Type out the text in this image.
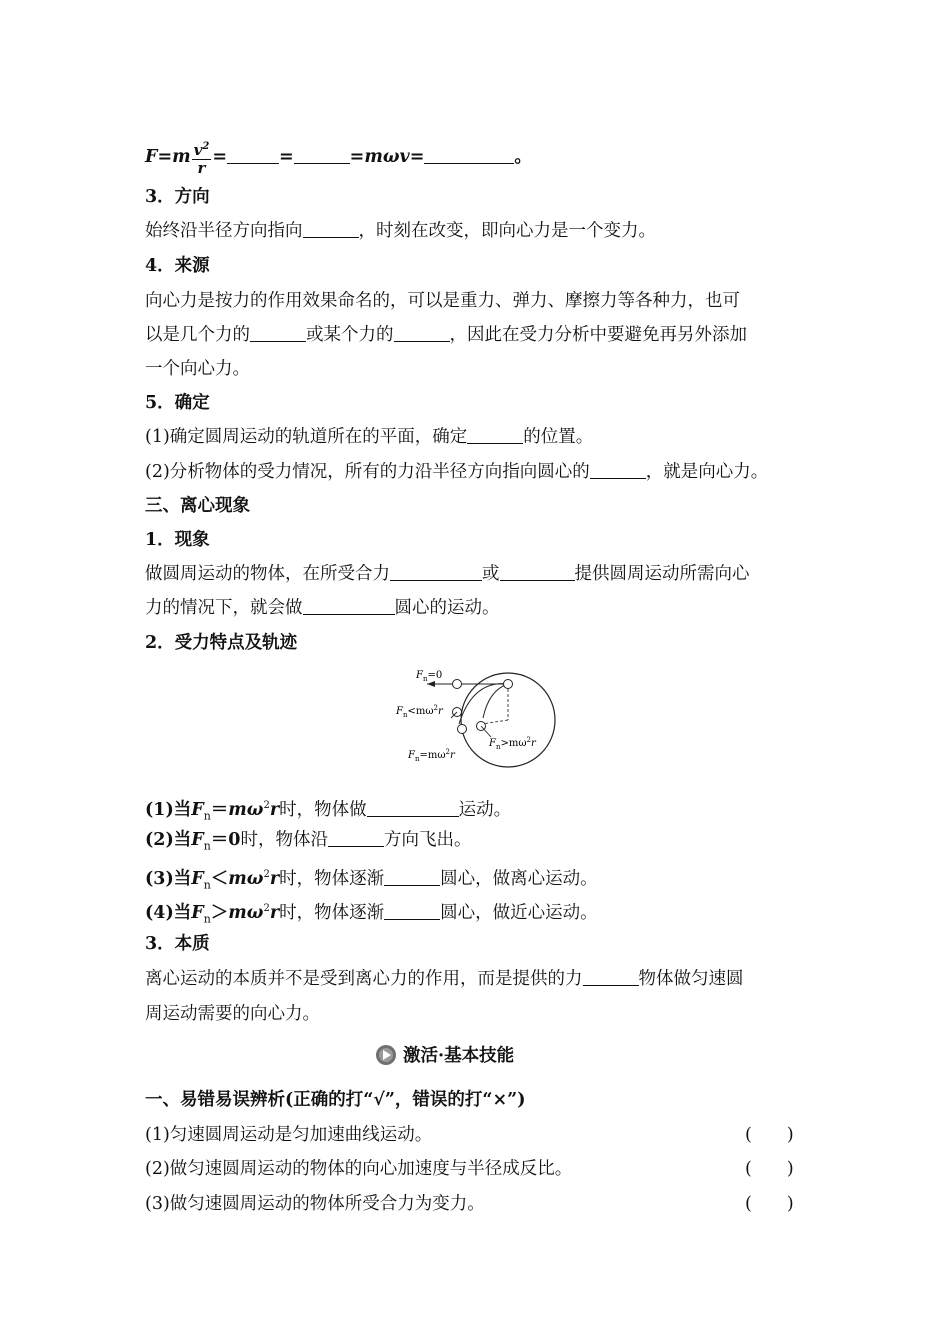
$F=m \frac{v^2}{r}$ =	=	=mωv=	。
3．方向
始终沿半径方向指向	，时刻在改变，即向心力是一个变力。
4．来源
向心力是按力的作用效果命名的，可以是重力、弹力、摩擦力等各种力，也可
以是几个力的	或某个力的	，因此在受力分析中要避免再另外添加
一个向心力。
5．确定
(1)确定圆周运动的轨道所在的平面，确定	的位置。
(2)分析物体的受力情况，所有的力沿半径方向指向圆心的	，就是向心力。
三、离心现象
1．现象
做圆周运动的物体，在所受合力	或	提供圆周运动所需向心
力的情况下，就会做	圆心的运动。
2．受力特点及轨迹
$F_n=0$
$F_n<m\omega^2r$
$F_n=m\omega^2r$
$F_n>m\omega^2r$
(1)当$F_n=m\omega^2r$时，物体做	运动。
(2)当$F_n=0$时，物体沿	方向飞出。
(3)当$F_n<m\omega^2r$时，物体逐渐	圆心，做离心运动。
(4)当$F_n>m\omega^2r$时，物体逐渐	圆心，做近心运动。
3．本质
离心运动的本质并不是受到离心力的作用，而是提供的力	物体做匀速圆
周运动需要的向心力。
激活·基本技能
一、易错易误辨析(正确的打“√”，错误的打“×”)
(1)匀速圆周运动是匀加速曲线运动。	(　　)
(2)做匀速圆周运动的物体的向心加速度与半径成反比。	(　　)
(3)做匀速圆周运动的物体所受合力为变力。	(　　)
